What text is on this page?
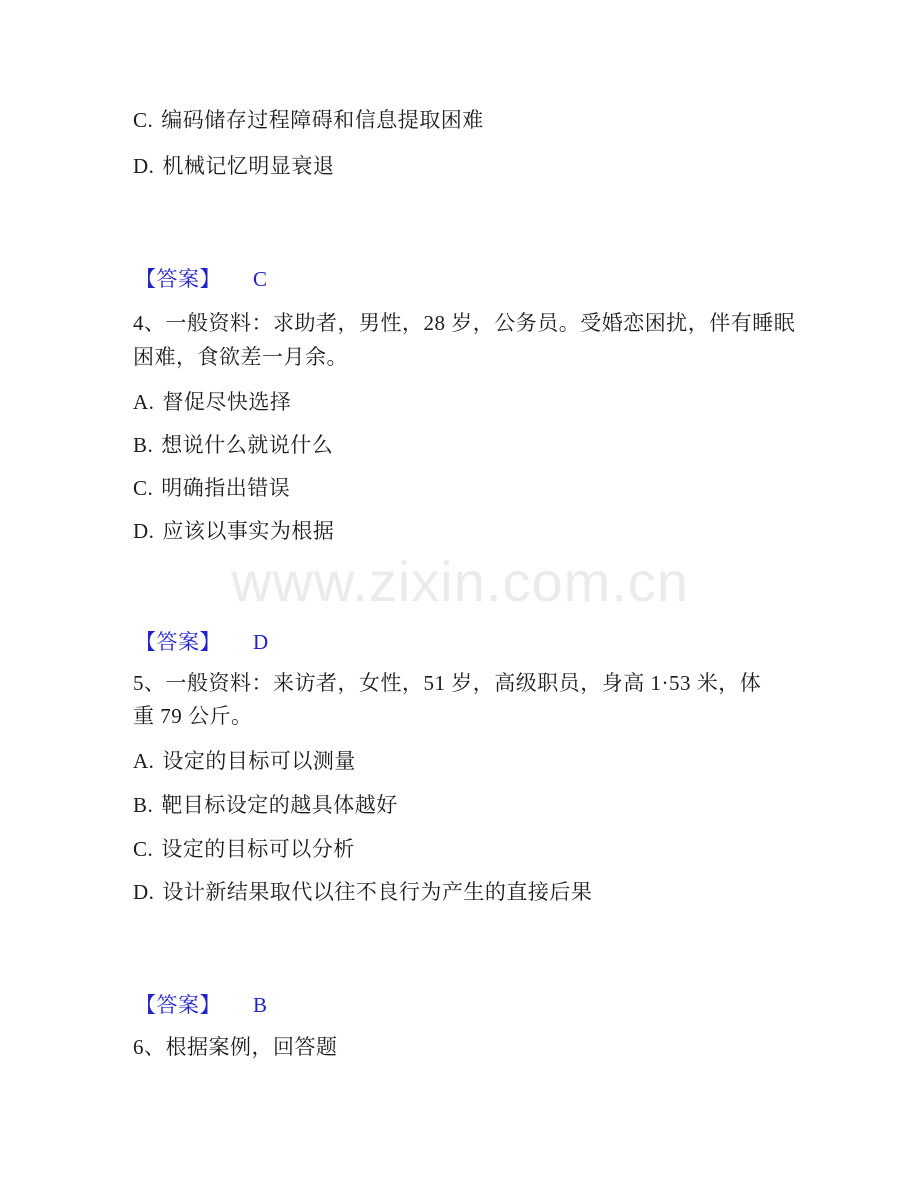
C. 编码储存过程障碍和信息提取困难
D. 机械记忆明显衰退
【答案】 C
4、一般资料：求助者，男性，28 岁，公务员。受婚恋困扰，伴有睡眠
困难，食欲差一月余。
A. 督促尽快选择
B. 想说什么就说什么
C. 明确指出错误
D. 应该以事实为根据
www.zixin.com.cn
【答案】 D
5、一般资料：来访者，女性，51 岁，高级职员，身高 1·53 米，体
重 79 公斤。
A. 设定的目标可以测量
B. 靶目标设定的越具体越好
C. 设定的目标可以分析
D. 设计新结果取代以往不良行为产生的直接后果
【答案】 B
6、根据案例，回答题
